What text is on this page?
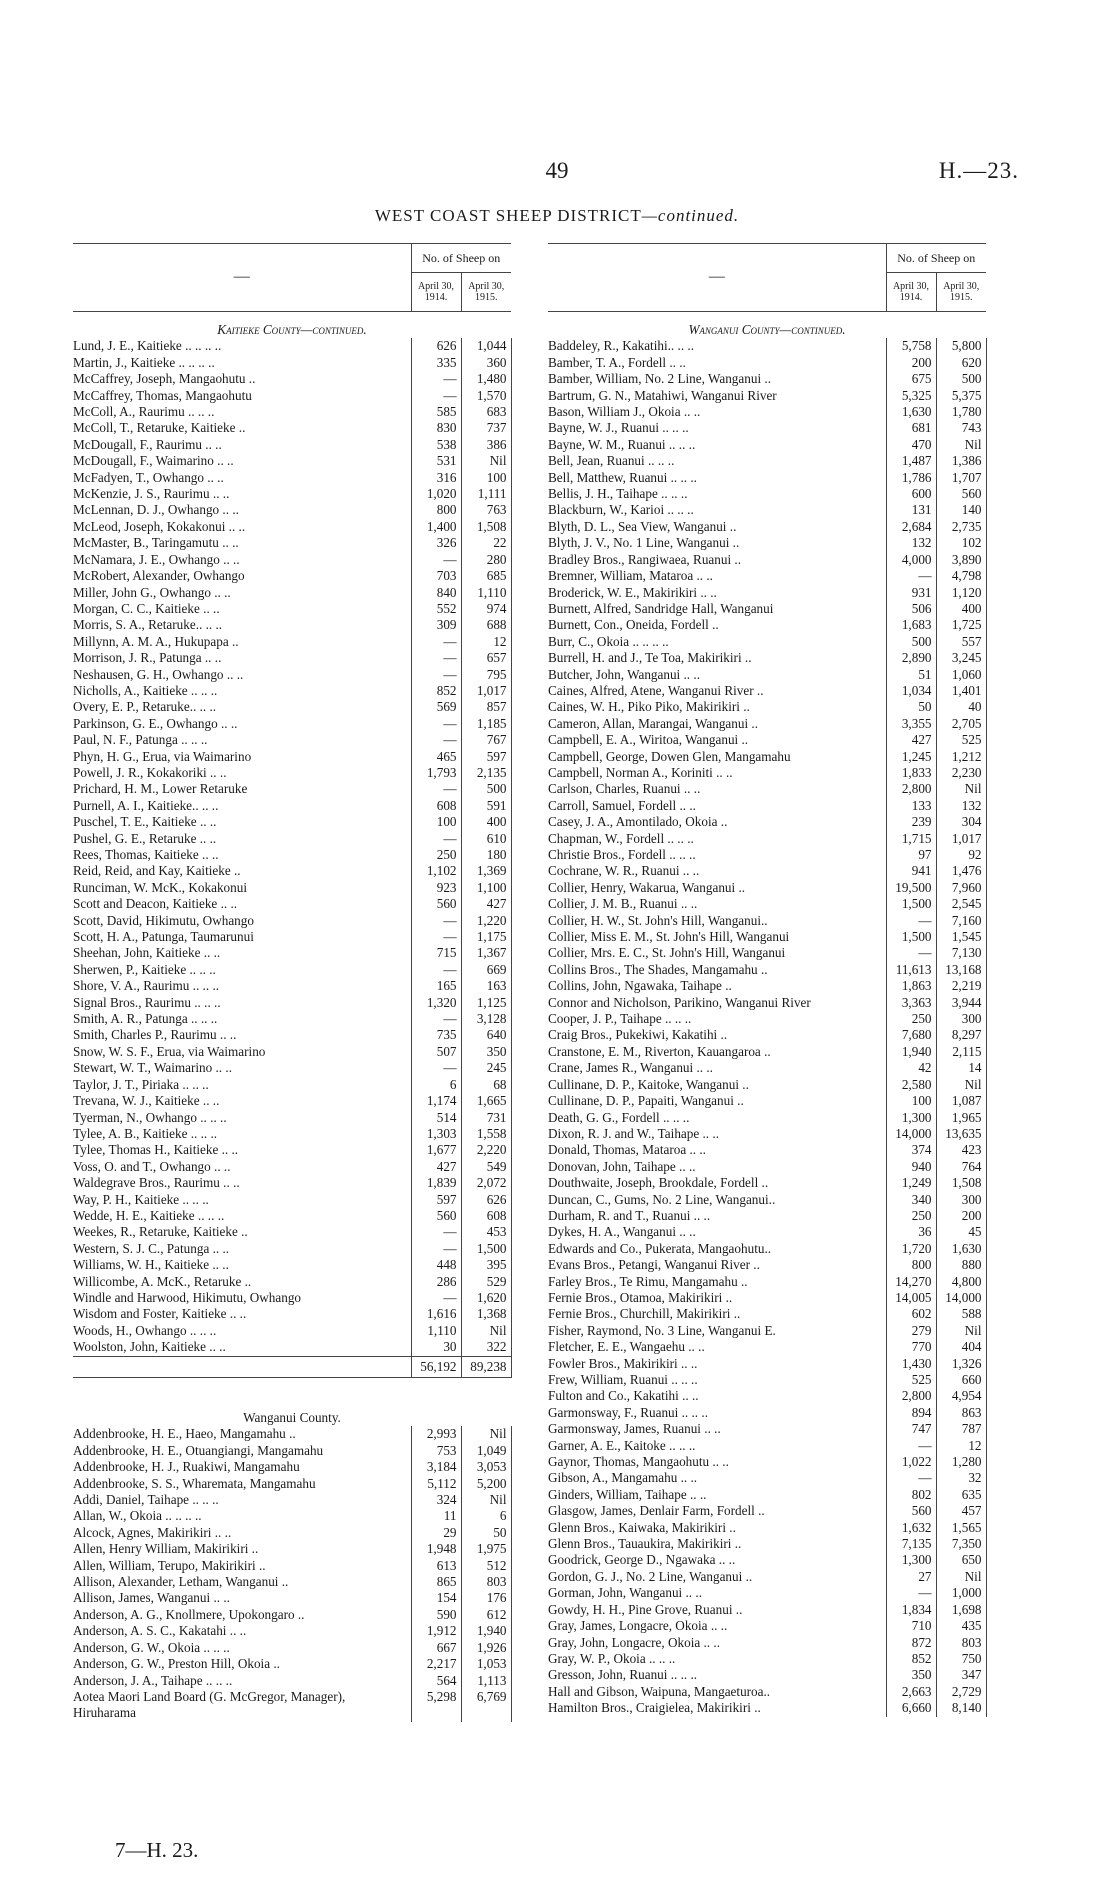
49	H.—23.
WEST COAST SHEEP DISTRICT—continued.
—	No. of Sheep on	
	April 30, 1914.	April 30, 1915.

Kaitieke County—continued.		
Lund, J. E., Kaitieke .. .. .. ..	626	1,044
Martin, J., Kaitieke .. .. .. ..	335	360
McCaffrey, Joseph, Mangaohutu ..	—	1,480
McCaffrey, Thomas, Mangaohutu	—	1,570
McColl, A., Raurimu .. .. ..	585	683
McColl, T., Retaruke, Kaitieke ..	830	737
McDougall, F., Raurimu .. ..	538	386
McDougall, F., Waimarino .. ..	531	Nil
McFadyen, T., Owhango .. ..	316	100
McKenzie, J. S., Raurimu .. ..	1,020	1,111
McLennan, D. J., Owhango .. ..	800	763
McLeod, Joseph, Kokakonui .. ..	1,400	1,508
McMaster, B., Taringamutu .. ..	326	22
McNamara, J. E., Owhango .. ..	—	280
McRobert, Alexander, Owhango	703	685
Miller, John G., Owhango .. ..	840	1,110
Morgan, C. C., Kaitieke .. ..	552	974
Morris, S. A., Retaruke.. .. ..	309	688
Millynn, A. M. A., Hukupapa ..	—	12
Morrison, J. R., Patunga .. ..	—	657
Neshausen, G. H., Owhango .. ..	—	795
Nicholls, A., Kaitieke .. .. ..	852	1,017
Overy, E. P., Retaruke.. .. ..	569	857
Parkinson, G. E., Owhango .. ..	—	1,185
Paul, N. F., Patunga .. .. ..	—	767
Phyn, H. G., Erua, via Waimarino	465	597
Powell, J. R., Kokakoriki .. ..	1,793	2,135
Prichard, H. M., Lower Retaruke	—	500
Purnell, A. I., Kaitieke.. .. ..	608	591
Puschel, T. E., Kaitieke .. ..	100	400
Pushel, G. E., Retaruke .. ..	—	610
Rees, Thomas, Kaitieke .. ..	250	180
Reid, Reid, and Kay, Kaitieke ..	1,102	1,369
Runciman, W. McK., Kokakonui	923	1,100
Scott and Deacon, Kaitieke .. ..	560	427
Scott, David, Hikimutu, Owhango	—	1,220
Scott, H. A., Patunga, Taumarunui	—	1,175
Sheehan, John, Kaitieke .. ..	715	1,367
Sherwen, P., Kaitieke .. .. ..	—	669
Shore, V. A., Raurimu .. .. ..	165	163
Signal Bros., Raurimu .. .. ..	1,320	1,125
Smith, A. R., Patunga .. .. ..	—	3,128
Smith, Charles P., Raurimu .. ..	735	640
Snow, W. S. F., Erua, via Waimarino	507	350
Stewart, W. T., Waimarino .. ..	—	245
Taylor, J. T., Piriaka .. .. ..	6	68
Trevana, W. J., Kaitieke .. ..	1,174	1,665
Tyerman, N., Owhango .. .. ..	514	731
Tylee, A. B., Kaitieke .. .. ..	1,303	1,558
Tylee, Thomas H., Kaitieke .. ..	1,677	2,220
Voss, O. and T., Owhango .. ..	427	549
Waldegrave Bros., Raurimu .. ..	1,839	2,072
Way, P. H., Kaitieke .. .. ..	597	626
Wedde, H. E., Kaitieke .. .. ..	560	608
Weekes, R., Retaruke, Kaitieke ..	—	453
Western, S. J. C., Patunga .. ..	—	1,500
Williams, W. H., Kaitieke .. ..	448	395
Willicombe, A. McK., Retaruke ..	286	529
Windle and Harwood, Hikimutu, Owhango	—	1,620
Wisdom and Foster, Kaitieke .. ..	1,616	1,368
Woods, H., Owhango .. .. ..	1,110	Nil
Woolston, John, Kaitieke .. ..	30	322
	56,192	89,238

Wanganui County.		
Addenbrooke, H. E., Haeo, Mangamahu ..	2,993	Nil
Addenbrooke, H. E., Otuangiangi, Mangamahu	753	1,049
Addenbrooke, H. J., Ruakiwi, Mangamahu	3,184	3,053
Addenbrooke, S. S., Wharemata, Mangamahu	5,112	5,200
Addi, Daniel, Taihape .. .. ..	324	Nil
Allan, W., Okoia .. .. .. ..	11	6
Alcock, Agnes, Makirikiri .. ..	29	50
Allen, Henry William, Makirikiri ..	1,948	1,975
Allen, William, Terupo, Makirikiri ..	613	512
Allison, Alexander, Letham, Wanganui ..	865	803
Allison, James, Wanganui .. ..	154	176
Anderson, A. G., Knollmere, Upokongaro ..	590	612
Anderson, A. S. C., Kakatahi .. ..	1,912	1,940
Anderson, G. W., Okoia .. .. ..	667	1,926
Anderson, G. W., Preston Hill, Okoia ..	2,217	1,053
Anderson, J. A., Taihape .. .. ..	564	1,113
Aotea Maori Land Board (G. McGregor, Manager), Hiruharama	5,298	6,769
—	No. of Sheep on	
	April 30, 1914.	April 30, 1915.

Wanganui County—continued.		
Baddeley, R., Kakatihi.. .. ..	5,758	5,800
Bamber, T. A., Fordell .. ..	200	620
Bamber, William, No. 2 Line, Wanganui ..	675	500
Bartrum, G. N., Matahiwi, Wanganui River	5,325	5,375
Bason, William J., Okoia .. ..	1,630	1,780
Bayne, W. J., Ruanui .. .. ..	681	743
Bayne, W. M., Ruanui .. .. ..	470	Nil
Bell, Jean, Ruanui .. .. ..	1,487	1,386
Bell, Matthew, Ruanui .. .. ..	1,786	1,707
Bellis, J. H., Taihape .. .. ..	600	560
Blackburn, W., Karioi .. .. ..	131	140
Blyth, D. L., Sea View, Wanganui ..	2,684	2,735
Blyth, J. V., No. 1 Line, Wanganui ..	132	102
Bradley Bros., Rangiwaea, Ruanui ..	4,000	3,890
Bremner, William, Mataroa .. ..	—	4,798
Broderick, W. E., Makirikiri .. ..	931	1,120
Burnett, Alfred, Sandridge Hall, Wanganui	506	400
Burnett, Con., Oneida, Fordell ..	1,683	1,725
Burr, C., Okoia .. .. .. ..	500	557
Burrell, H. and J., Te Toa, Makirikiri ..	2,890	3,245
Butcher, John, Wanganui .. ..	51	1,060
Caines, Alfred, Atene, Wanganui River ..	1,034	1,401
Caines, W. H., Piko Piko, Makirikiri ..	50	40
Cameron, Allan, Marangai, Wanganui ..	3,355	2,705
Campbell, E. A., Wiritoa, Wanganui ..	427	525
Campbell, George, Dowen Glen, Mangamahu	1,245	1,212
Campbell, Norman A., Koriniti .. ..	1,833	2,230
Carlson, Charles, Ruanui .. ..	2,800	Nil
Carroll, Samuel, Fordell .. ..	133	132
Casey, J. A., Amontilado, Okoia ..	239	304
Chapman, W., Fordell .. .. ..	1,715	1,017
Christie Bros., Fordell .. .. ..	97	92
Cochrane, W. R., Ruanui .. ..	941	1,476
Collier, Henry, Wakarua, Wanganui ..	19,500	7,960
Collier, J. M. B., Ruanui .. ..	1,500	2,545
Collier, H. W., St. John's Hill, Wanganui..	—	7,160
Collier, Miss E. M., St. John's Hill, Wanganui	1,500	1,545
Collier, Mrs. E. C., St. John's Hill, Wanganui	—	7,130
Collins Bros., The Shades, Mangamahu ..	11,613	13,168
Collins, John, Ngawaka, Taihape ..	1,863	2,219
Connor and Nicholson, Parikino, Wanganui River	3,363	3,944
Cooper, J. P., Taihape .. .. ..	250	300
Craig Bros., Pukekiwi, Kakatihi ..	7,680	8,297
Cranstone, E. M., Riverton, Kauangaroa ..	1,940	2,115
Crane, James R., Wanganui .. ..	42	14
Cullinane, D. P., Kaitoke, Wanganui ..	2,580	Nil
Cullinane, D. P., Papaiti, Wanganui ..	100	1,087
Death, G. G., Fordell .. .. ..	1,300	1,965
Dixon, R. J. and W., Taihape .. ..	14,000	13,635
Donald, Thomas, Mataroa .. ..	374	423
Donovan, John, Taihape .. ..	940	764
Douthwaite, Joseph, Brookdale, Fordell ..	1,249	1,508
Duncan, C., Gums, No. 2 Line, Wanganui..	340	300
Durham, R. and T., Ruanui .. ..	250	200
Dykes, H. A., Wanganui .. ..	36	45
Edwards and Co., Pukerata, Mangaohutu..	1,720	1,630
Evans Bros., Petangi, Wanganui River ..	800	880
Farley Bros., Te Rimu, Mangamahu ..	14,270	4,800
Fernie Bros., Otamoa, Makirikiri ..	14,005	14,000
Fernie Bros., Churchill, Makirikiri ..	602	588
Fisher, Raymond, No. 3 Line, Wanganui E.	279	Nil
Fletcher, E. E., Wangaehu .. ..	770	404
Fowler Bros., Makirikiri .. ..	1,430	1,326
Frew, William, Ruanui .. .. ..	525	660
Fulton and Co., Kakatihi .. ..	2,800	4,954
Garmonsway, F., Ruanui .. .. ..	894	863
Garmonsway, James, Ruanui .. ..	747	787
Garner, A. E., Kaitoke .. .. ..	—	12
Gaynor, Thomas, Mangaohutu .. ..	1,022	1,280
Gibson, A., Mangamahu .. ..	—	32
Ginders, William, Taihape .. ..	802	635
Glasgow, James, Denlair Farm, Fordell ..	560	457
Glenn Bros., Kaiwaka, Makirikiri ..	1,632	1,565
Glenn Bros., Tauaukira, Makirikiri ..	7,135	7,350
Goodrick, George D., Ngawaka .. ..	1,300	650
Gordon, G. J., No. 2 Line, Wanganui ..	27	Nil
Gorman, John, Wanganui .. ..	—	1,000
Gowdy, H. H., Pine Grove, Ruanui ..	1,834	1,698
Gray, James, Longacre, Okoia .. ..	710	435
Gray, John, Longacre, Okoia .. ..	872	803
Gray, W. P., Okoia .. .. ..	852	750
Gresson, John, Ruanui .. .. ..	350	347
Hall and Gibson, Waipuna, Mangaeturoa..	2,663	2,729
Hamilton Bros., Craigielea, Makirikiri ..	6,660	8,140
7—H. 23.
